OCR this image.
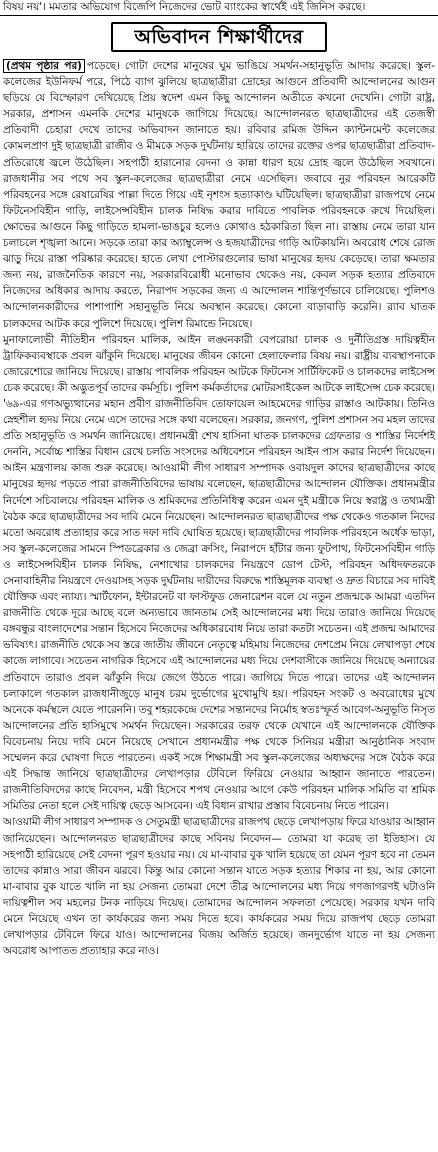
বিষয় নয়'। মমতার অভিযোগ বিজেপি নিজেদের ভোট ব্যাংকের স্বার্থেই এই জিনিস করছে।
অভিবাদন শিক্ষার্থীদের

(প্রথম পৃষ্ঠার পর) পড়েছে। গোটা দেশের মানুষের ঘুম ভাঙিয়ে সমর্থন-সহানুভূতি আদায় করেছে। স্কুল-কলেজের ইউনিফর্ম পরে, পিঠে ব্যাগ ঝুলিয়ে ছাত্রছাত্রীরা দ্রোহের আগুনে প্রতিবাদী আন্দোলনের আগুন ছড়িয়ে যে বিস্ফোরণ দেখিয়েছে প্রিয় স্বদেশ এমন কিছু আন্দোলন অতীতে কখনো দেখেনি। গোটা রাষ্ট্র, সরকার, প্রশাসন এমনকি দেশের মানুষকে জাগিয়ে দিয়েছে। আন্দোলনরত ছাত্রছাত্রীদের এই তেজস্বী প্রতিবাদী চেহারা দেখে তাদের অভিবাদন জানাতে হয়। রবিবার রমিজ উদ্দিন ক্যান্টনমেন্ট কলেজের কোমলপ্রাণ দুই ছাত্রছাত্রী রাজীব ও মীমকে সড়ক দুর্ঘটনায় হারিয়ে তাদের রক্তের ওপর ছাত্রছাত্রীরা প্রতিবাদ-প্রতিরোধে জ্বলে উঠেছিল। সহপাঠী হারানোর বেদনা ও কান্না ধারণ হয়ে দ্রোহ জ্বলে উঠেছিল সবখানে। রাজধানীর সব পথে সব স্কুল-কলেজের ছাত্রছাত্রীরা নেমে এসেছিল। জবাবে নুর পরিবহন আরেকটি পরিবহনের সঙ্গে রেষারেষির পাল্লা দিতে গিয়ে এই নৃশংস হত্যাকাণ্ড ঘটিয়েছিল। ছাত্রছাত্রীরা রাজপথে নেমে ফিটনেসবিহীন গাড়ি, লাইসেন্সবিহীন চালক নিষিদ্ধ করার দাবিতে পাবলিক পরিবহনকে রুখে দিয়েছিল। ক্ষোভের আগুনে কিছু গাড়িতে হামলা-ভাঙচুর হলেও কোথাও হঠকারিতা ছিল না। রাস্তায় নেমে তারা যান চলাচলে শৃঙ্খলা আনে। সড়কে তারা কার অ্যাম্বুলেন্স ও হজযাত্রীদের গাড়ি আটকায়নি। অবরোধ শেষে রোজ ঝাড়ু দিয়ে রাস্তা পরিষ্কার করেছে। হাতে লেখা পোস্টারগুলোর ভাষা মানুষের হৃদয় কেড়েছে। তারা ক্ষমতার জন্য নয়, রাজনৈতিক কারণে নয়, সরকারবিরোধী মনোভাব থেকেও নয়, কেবল সড়ক হত্যার প্রতিবাদে নিজেদের অধিকার আদায় করতে, নিরাপদ সড়কের জন্য এ আন্দোলন শান্তিপূর্ণভাবে চালিয়েছে। পুলিশও আন্দোলনকারীদের পাশাপাশি সহানুভূতি নিয়ে অবস্থান করেছে। কোনো বাড়াবাড়ি করেনি। র‌্যাব ঘাতক চালকদের আটক করে পুলিশে দিয়েছে। পুলিশ রিমান্ডে নিয়েছে।

মুনাফালোভী নীতিহীন পরিবহন মালিক, আইন লঙ্ঘনকারী বেপরোয়া চালক ও দুর্নীতিগ্রস্ত দায়িত্বহীন ট্রাফিকব্যবস্থাকে প্রবল ঝাঁকুনি দিয়েছে। মানুষের জীবন কোনো হেলাফেলার বিষয় নয়। রাষ্ট্রীয় ব্যবস্থাপনাকে জোরেশোরে জানিয়ে দিয়েছে। রাস্তায় পাবলিক পরিবহন আটকে ফিটনেস সার্টিফিকেট ও চালকদের লাইসেন্স চেক করেছে। কী অদ্ভুতপূর্ব তাদের কর্মসূচি। পুলিশ কর্মকর্তাদের মোটরসাইকেল আটকে লাইসেন্স চেক করেছে। '৬৯-এর গণঅভ্যুত্থানের মহান প্রবীণ রাজনীতিবিদ তোফায়েল আহমেদের গাড়ির রাস্তাও আটকায়। তিনিও স্নেহশীল হৃদয় নিয়ে নেমে এসে তাদের সঙ্গে কথা বলেছেন। সরকার, জনগণ, পুলিশ প্রশাসন সব মহল তাদের প্রতি সহানুভূতি ও সমর্থন জানিয়েছে। প্রধানমন্ত্রী শেখ হাসিনা ঘাতক চালকদের গ্রেফতার ও শাস্তির নির্দেশই দেননি, সর্বোচ্চ শাস্তির বিধান রেখে চলতি সংসদের অধিবেশনে পরিবহন আইন পাস করার নির্দেশ দিয়েছেন। আইন মন্ত্রণালয় কাজ শুরু করেছে। আওয়ামী লীগ সাধারণ সম্পাদক ওবায়দুল কাদের ছাত্রছাত্রীদের কাছে মানুষের হৃদয় পড়তে পারা রাজনীতিবিদের ভাষায় বলেছেন, ছাত্রছাত্রীদের আন্দোলন যৌক্তিক। প্রধানমন্ত্রীর নির্দেশে সচিবালয়ে পরিবহন মালিক ও শ্রমিকদের প্রতিনিধিত্ব করেন এমন দুই মন্ত্রীকে নিয়ে স্বরাষ্ট্র ও তথ্যমন্ত্রী বৈঠক করে ছাত্রছাত্রীদের সব দাবি মেনে নিয়েছেন। আন্দোলনরত ছাত্রছাত্রীদের পক্ষ থেকেও গতকাল নিদের মতো অবরোধ প্রত্যাহার করে সাত দফা দাবি ঘোষিত হয়েছে। ছাত্রছাত্রীদের পাবলিক পরিবহনে অর্ধেক ভাড়া, সব স্কুল-কলেজের সামনে স্পিডব্রেকার ও জেব্রা ক্রসিং, নিরাপদে হাঁটার জন্য ফুটপাথ, ফিটনেসবিহীন গাড়ি ও লাইসেন্সবিহীন চালক নিষিদ্ধ, নেশাখোর চালকদের নিয়ন্ত্রণে ডোপ টেস্ট, পরিবহন অধিদফতরকে সেনাবাহিনীর নিয়ন্ত্রণে দেওয়াসহ সড়ক দুর্ঘটনায় দায়ীদের বিরুদ্ধে শাস্তিমূলক ব্যবস্থা ও দ্রুত বিচারে সব দাবিই যৌক্তিক এবং ন্যায্য। স্মার্টফোন, ইন্টারনেট বা ফাস্টফুড জেনারেশন বলে যে নতুন প্রজন্মকে আমরা এতদিন রাজনীতি থেকে দূরে আছে বলে অন্যভাবে জানতাম সেই আন্দোলনের মধ্য দিয়ে তারাও জানিয়ে দিয়েছে বঙ্গবন্ধুর বাংলাদেশের সন্তান হিসেবে নিজেদের অধিকারবোধ নিয়ে তারা কতটা সচেতন। এই প্রজন্ম আমাদের ভবিষ্যৎ। রাজনীতি থেকে সব স্তরে জাতীয় জীবনে নেতৃত্বে মহিমায় নিজেদের দেশপ্রেম নিয়ে লেখাপড়া শেষে কাজে লাগাবে। সচেতন নাগরিক হিসেবে এই আন্দোলনের মধ্য দিয়ে দেশবাসীকে জানিয়ে দিয়েছে অন্যায়ের প্রতিবাদে তারাও প্রবল ঝাঁকুনি দিয়ে জেগে উঠতে পারে। জাগিয়ে দিতে পারে। তাদের এই আন্দোলন চলাকালে গতকাল রাজধানীজুড়ে মানুষ চরম দুর্ভোগের মুখোমুখি হয়। পরিবহন সংকট ও অবরোধের মুখে অনেকে কর্মস্থলে যেতে পারেননি। তবু শহরকেন্দ্রে দেশের সন্তানদের নির্মোহ স্বতঃস্ফূর্ত আবেগ-অনুভূতি নিসৃত আন্দোলনের প্রতি হাসিমুখে সমর্থন দিয়েছেন। সরকারের তরফ থেকে যেখানে এই আন্দোলনকে যৌক্তিক বিবেচনায় নিয়ে দাবি মেনে নিয়েছে সেখানে প্রধানমন্ত্রীর পক্ষ থেকে সিনিয়র মন্ত্রীরা আনুষ্ঠানিক সংবাদ সম্মেলন করে ঘোষণা দিতে পারতেন। একই সঙ্গে শিক্ষামন্ত্রী সব স্কুল-কলেজের অধ্যক্ষদের সঙ্গে বৈঠক করে এই সিদ্ধান্ত জানিয়ে ছাত্রছাত্রীদের লেখাপড়ার টেবিলে ফিরিয়ে নেওয়ার আহ্বান জানাতে পারতেন। রাজনীতিবিদদের কাছে নিবেদন, মন্ত্রী হিসেবে শপথ নেওয়ার আগে কেউ পরিবহন মালিক সমিতি বা শ্রমিক সমিতির নেতা হলে সেই দায়িত্ব ছেড়ে আসবেন। এই বিধান রাখার প্রস্তাব বিবেচনায় নিতে পারেন।

আওয়ামী লীগ সাধারণ সম্পাদক ও সেতুমন্ত্রী ছাত্রছাত্রীদের রাজপথ ছেড়ে লেখাপড়ায় ফিরে যাওয়ার আহ্বান জানিয়েছেন। আন্দোলনরত ছাত্রছাত্রীদের কাছে সবিনয় নিবেদন— তোমরা যা করেছ তা ইতিহাস। যে সহপাঠী হারিয়েছে সেই বেদনা পূরণ হওয়ার নয়। যে মা-বাবার বুক খালি হয়েছে তা যেমন পূরণ হবে না তেমন তাদের কান্নাও সারা জীবন ঝরবে। কিন্তু আর কোনো সন্তান যাতে সড়ক হত্যার শিকার না হয়, আর কোনো মা-বাবার বুক যাতে খালি না হয় সেজন্য তোমরা দেশে তীব্র আন্দোলনের মধ্য দিয়ে গণজাগরণই ঘটাওনি দায়িত্বশীল সব মহলের টনক নাড়িয়ে দিয়েছ। তোমাদের আন্দোলন সফলতা পেয়েছে। সরকার যখন দাবি মেনে নিয়েছে এখন তা কার্যকরের জন্য সময় দিতে হবে। কার্যকরের সময় দিয়ে রাজপথ ছেড়ে তোমরা লেখাপড়ার টেবিলে ফিরে যাও। আন্দোলনের বিজয় অর্জিত হয়েছে। জনদুর্ভোগ যাতে না হয় সেজন্য অবরোধ আপাতত প্রত্যাহার করে নাও।
